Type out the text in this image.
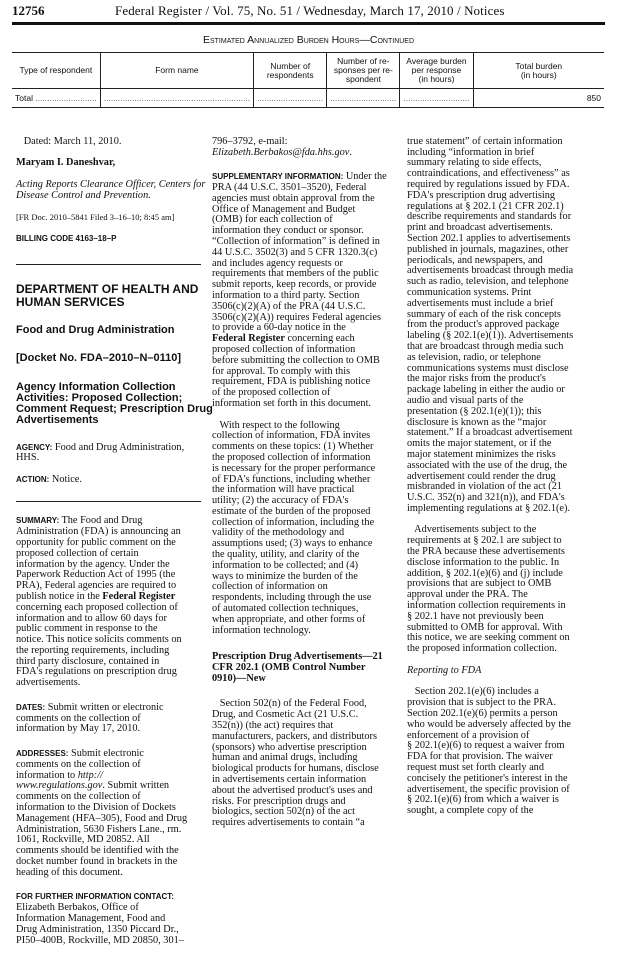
12756	Federal Register / Vol. 75, No. 51 / Wednesday, March 17, 2010 / Notices
Estimated Annualized Burden Hours—Continued
Type of respondent	Form name	Number of respondents	Number of re-
sponses per re-
spondent	Average burden
per response
(in hours)	Total burden
(in hours)
Total ..........................	..............................................................	............................	............................	............................	850

Dated: March 11, 2010.

Maryam I. Daneshvar,

Acting Reports Clearance Officer, Centers for
Disease Control and Prevention.

[FR Doc. 2010–5841 Filed 3–16–10; 8:45 am]

BILLING CODE 4163–18–P

DEPARTMENT OF HEALTH AND
HUMAN SERVICES

Food and Drug Administration

[Docket No. FDA–2010–N–0110]

Agency Information Collection
Activities: Proposed Collection;
Comment Request; Prescription Drug
Advertisements

AGENCY: Food and Drug Administration,
HHS.

ACTION: Notice.

SUMMARY: The Food and Drug
Administration (FDA) is announcing an
opportunity for public comment on the
proposed collection of certain
information by the agency. Under the
Paperwork Reduction Act of 1995 (the
PRA), Federal agencies are required to
publish notice in the Federal Register
concerning each proposed collection of
information and to allow 60 days for
public comment in response to the
notice. This notice solicits comments on
the reporting requirements, including
third party disclosure, contained in
FDA's regulations on prescription drug
advertisements.

DATES: Submit written or electronic
comments on the collection of
information by May 17, 2010.

ADDRESSES: Submit electronic
comments on the collection of
information to http://
www.regulations.gov. Submit written
comments on the collection of
information to the Division of Dockets
Management (HFA–305), Food and Drug
Administration, 5630 Fishers Lane., rm.
1061, Rockville, MD 20852. All
comments should be identified with the
docket number found in brackets in the
heading of this document.

FOR FURTHER INFORMATION CONTACT:
Elizabeth Berbakos, Office of
Information Management, Food and
Drug Administration, 1350 Piccard Dr.,
PI50–400B, Rockville, MD 20850, 301–

796–3792, e-mail:
Elizabeth.Berbakos@fda.hhs.gov.

SUPPLEMENTARY INFORMATION: Under the
PRA (44 U.S.C. 3501–3520), Federal
agencies must obtain approval from the
Office of Management and Budget
(OMB) for each collection of
information they conduct or sponsor.
“Collection of information” is defined in
44 U.S.C. 3502(3) and 5 CFR 1320.3(c)
and includes agency requests or
requirements that members of the public
submit reports, keep records, or provide
information to a third party. Section
3506(c)(2)(A) of the PRA (44 U.S.C.
3506(c)(2)(A)) requires Federal agencies
to provide a 60-day notice in the
Federal Register concerning each
proposed collection of information
before submitting the collection to OMB
for approval. To comply with this
requirement, FDA is publishing notice
of the proposed collection of
information set forth in this document.

With respect to the following
collection of information, FDA invites
comments on these topics: (1) Whether
the proposed collection of information
is necessary for the proper performance
of FDA's functions, including whether
the information will have practical
utility; (2) the accuracy of FDA's
estimate of the burden of the proposed
collection of information, including the
validity of the methodology and
assumptions used; (3) ways to enhance
the quality, utility, and clarity of the
information to be collected; and (4)
ways to minimize the burden of the
collection of information on
respondents, including through the use
of automated collection techniques,
when appropriate, and other forms of
information technology.

Prescription Drug Advertisements—21
CFR 202.1 (OMB Control Number
0910)—New

Section 502(n) of the Federal Food,
Drug, and Cosmetic Act (21 U.S.C.
352(n)) (the act) requires that
manufacturers, packers, and distributors
(sponsors) who advertise prescription
human and animal drugs, including
biological products for humans, disclose
in advertisements certain information
about the advertised product's uses and
risks. For prescription drugs and
biologics, section 502(n) of the act
requires advertisements to contain “a

true statement” of certain information
including “information in brief
summary relating to side effects,
contraindications, and effectiveness” as
required by regulations issued by FDA.
FDA's prescription drug advertising
regulations at § 202.1 (21 CFR 202.1)
describe requirements and standards for
print and broadcast advertisements.
Section 202.1 applies to advertisements
published in journals, magazines, other
periodicals, and newspapers, and
advertisements broadcast through media
such as radio, television, and telephone
communication systems. Print
advertisements must include a brief
summary of each of the risk concepts
from the product's approved package
labeling (§ 202.1(e)(1)). Advertisements
that are broadcast through media such
as television, radio, or telephone
communications systems must disclose
the major risks from the product's
package labeling in either the audio or
audio and visual parts of the
presentation (§ 202.1(e)(1)); this
disclosure is known as the “major
statement.” If a broadcast advertisement
omits the major statement, or if the
major statement minimizes the risks
associated with the use of the drug, the
advertisement could render the drug
misbranded in violation of the act (21
U.S.C. 352(n) and 321(n)), and FDA's
implementing regulations at § 202.1(e).

Advertisements subject to the
requirements at § 202.1 are subject to
the PRA because these advertisements
disclose information to the public. In
addition, § 202.1(e)(6) and (j) include
provisions that are subject to OMB
approval under the PRA. The
information collection requirements in
§ 202.1 have not previously been
submitted to OMB for approval. With
this notice, we are seeking comment on
the proposed information collection.

Reporting to FDA

Section 202.1(e)(6) includes a
provision that is subject to the PRA.
Section 202.1(e)(6) permits a person
who would be adversely affected by the
enforcement of a provision of
§ 202.1(e)(6) to request a waiver from
FDA for that provision. The waiver
request must set forth clearly and
concisely the petitioner's interest in the
advertisement, the specific provision of
§ 202.1(e)(6) from which a waiver is
sought, a complete copy of the
